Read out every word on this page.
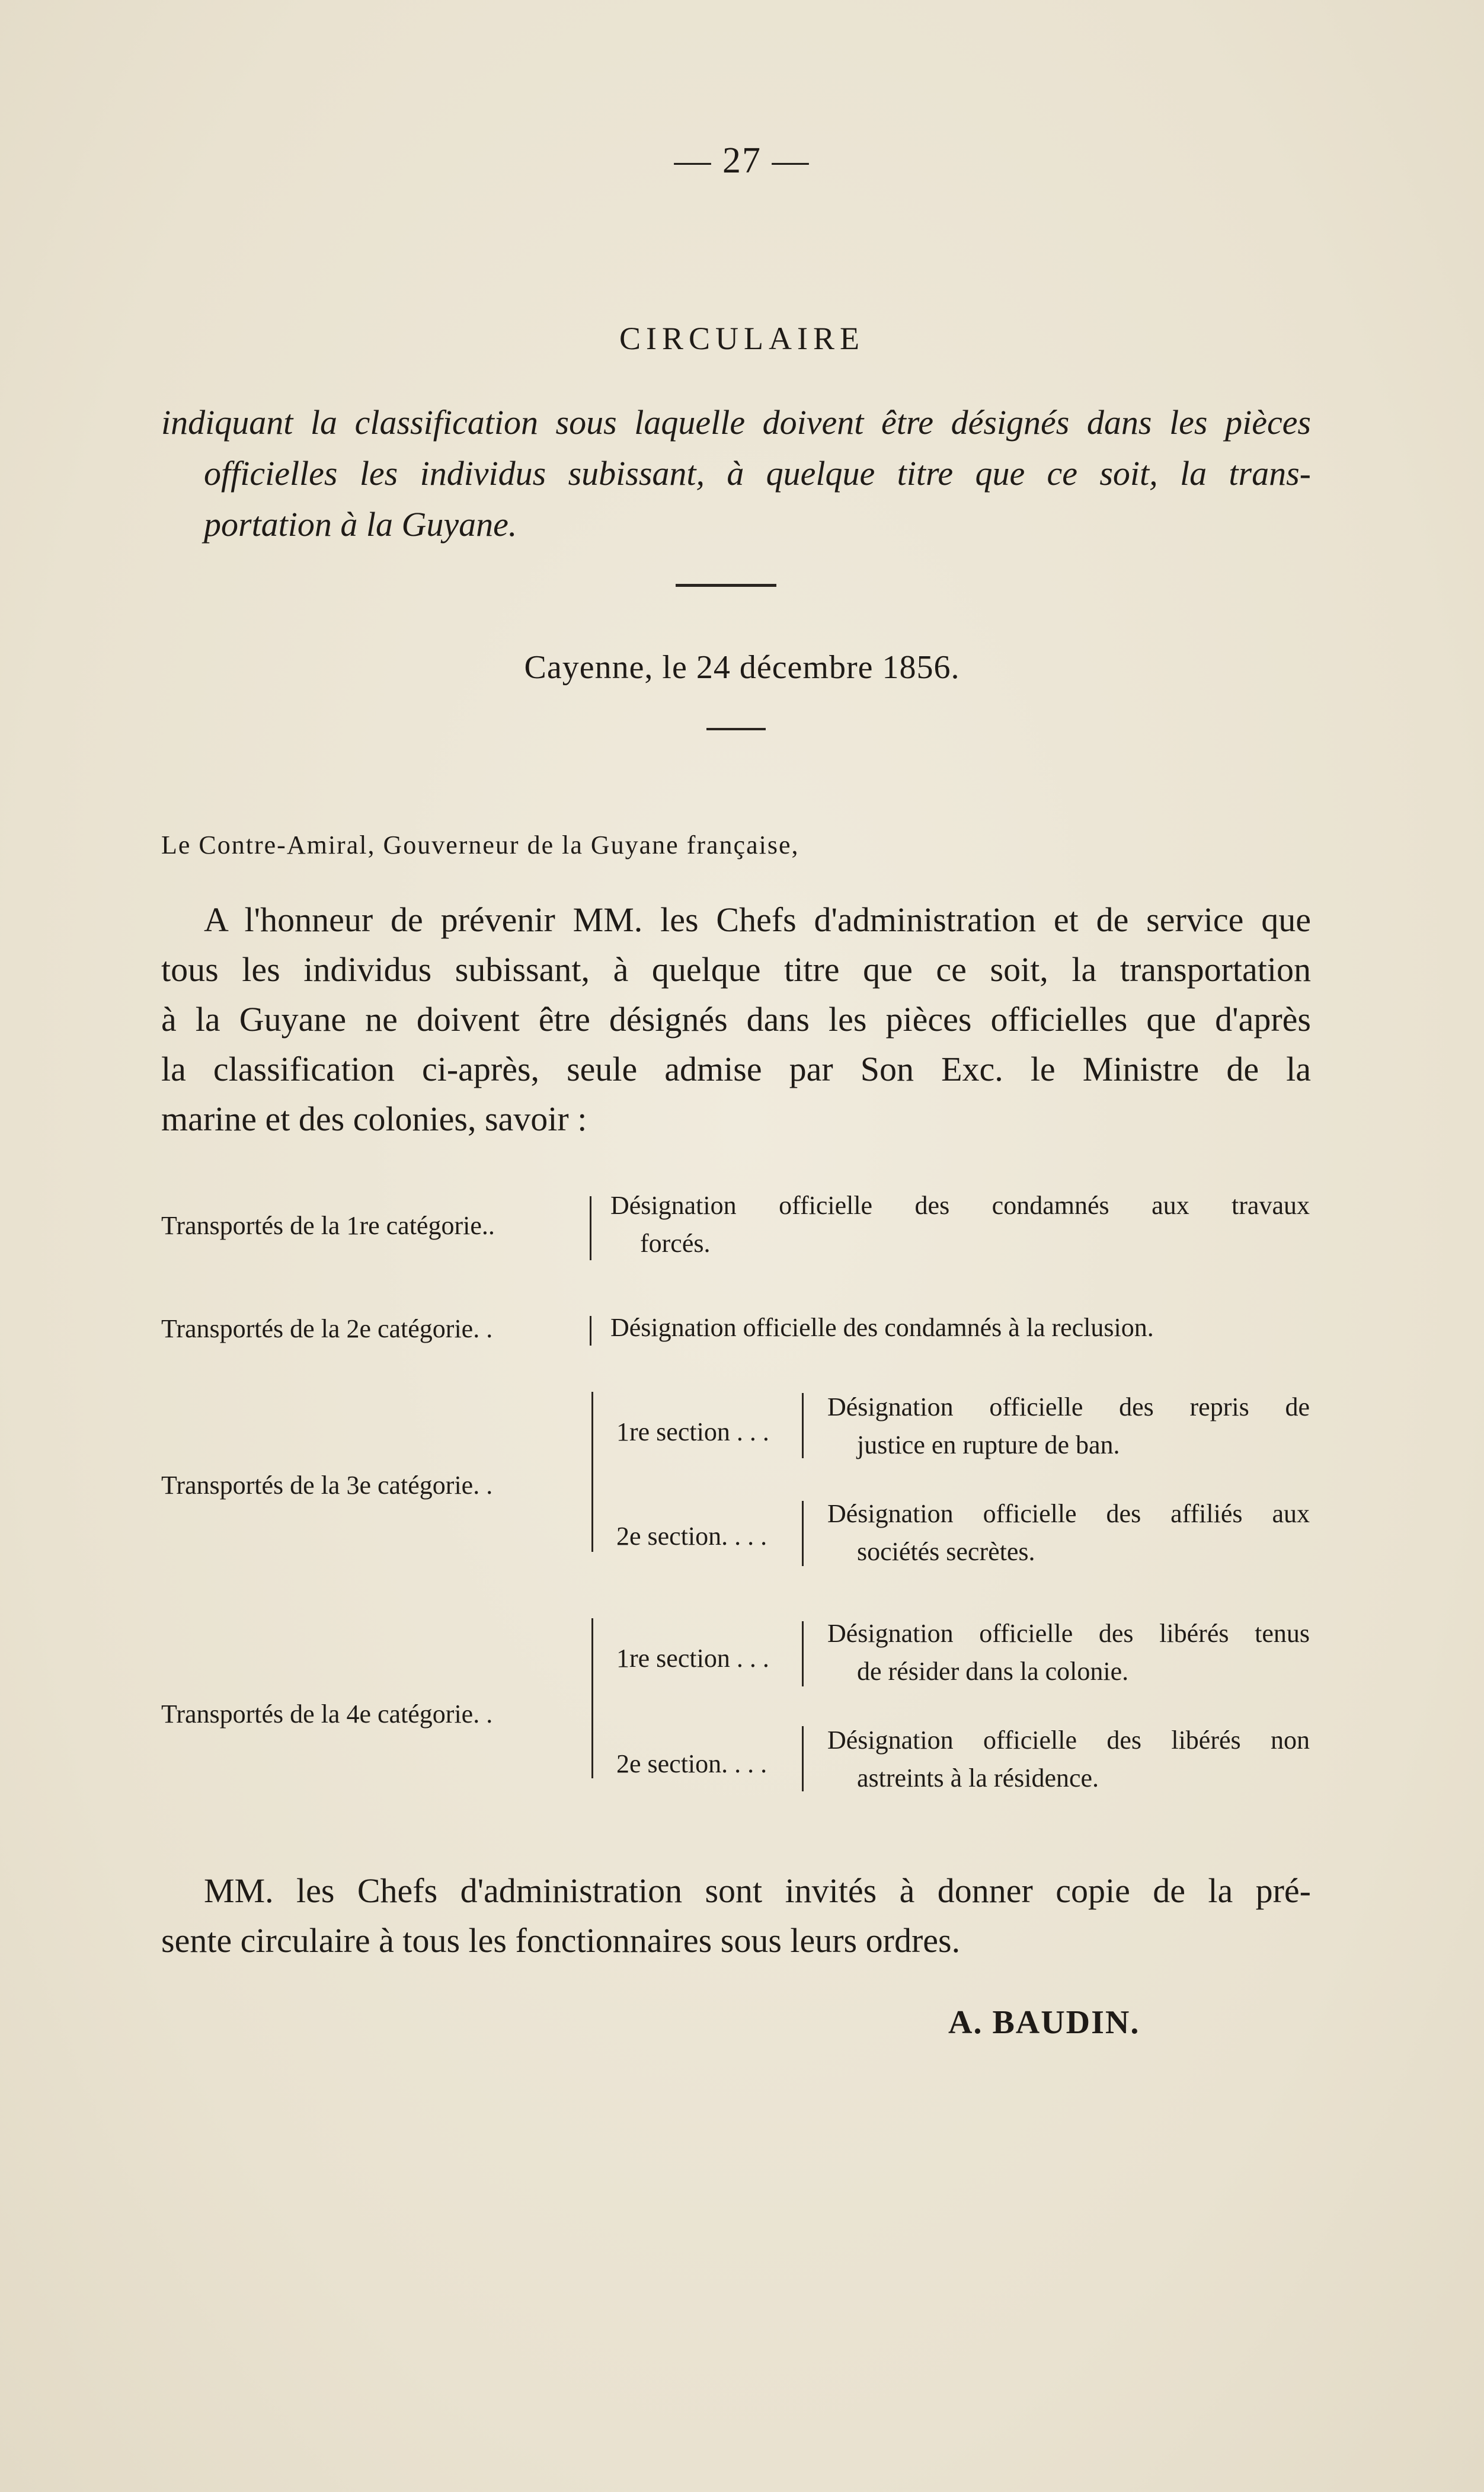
— 27 —
CIRCULAIRE
indiquant la classification sous laquelle doivent être désignés dans les pièces
officielles les individus subissant, à quelque titre que ce soit, la trans-
portation à la Guyane.
Cayenne, le 24 décembre 1856.
Le Contre-Amiral, Gouverneur de la Guyane française,
A l'honneur de prévenir MM. les Chefs d'administration et de service que
tous les individus subissant, à quelque titre que ce soit, la transportation
à la Guyane ne doivent être désignés dans les pièces officielles que d'après
la classification ci-après, seule admise par Son Exc. le Ministre de la
marine et des colonies, savoir :
Transportés de la 1re catégorie..
Désignation officielle des condamnés aux travaux
forcés.
Transportés de la 2e catégorie. .	Désignation officielle des condamnés à la reclusion.
Transportés de la 3e catégorie. .
1re section . . .
Désignation officielle des repris de
justice en rupture de ban.
2e section. . . .
Désignation officielle des affiliés aux
sociétés secrètes.
Transportés de la 4e catégorie. .
1re section . . .
Désignation officielle des libérés tenus
de résider dans la colonie.
2e section. . . .
Désignation officielle des libérés non
astreints à la résidence.
MM. les Chefs d'administration sont invités à donner copie de la pré-
sente circulaire à tous les fonctionnaires sous leurs ordres.
A. BAUDIN.
